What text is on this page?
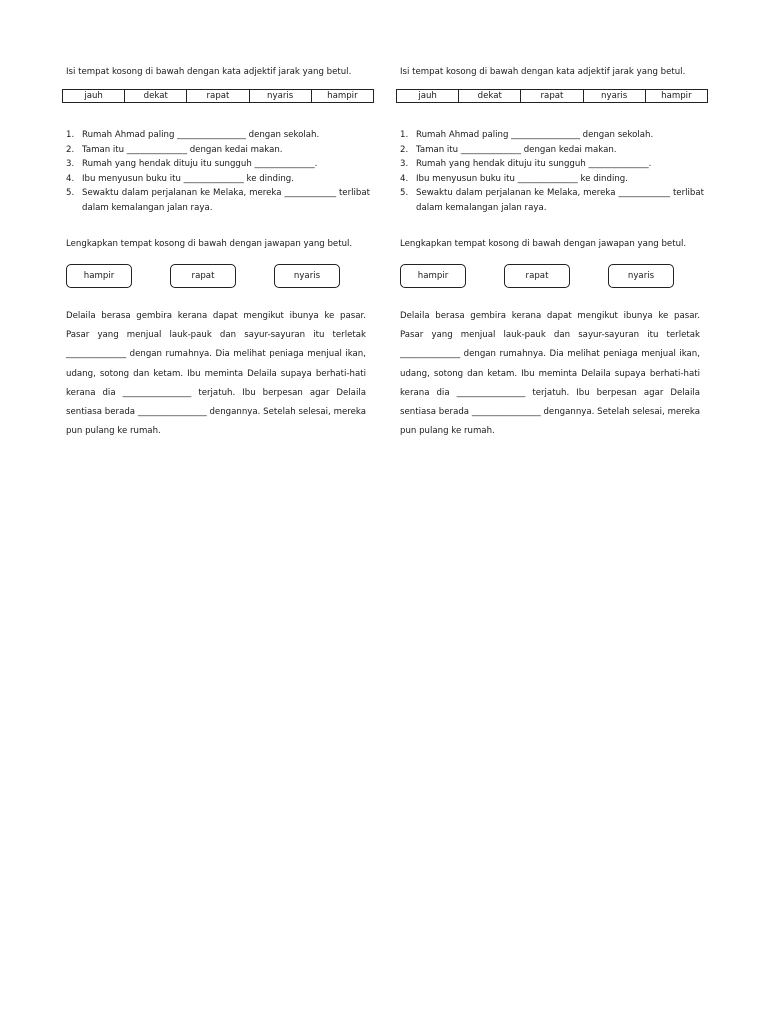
Isi tempat kosong di bawah dengan kata adjektif jarak yang betul.
jauh	dekat	rapat	nyaris	hampir
1. Rumah Ahmad paling ________________ dengan sekolah.
2. Taman itu ______________ dengan kedai makan.
3. Rumah yang hendak dituju itu sungguh ______________.
4. Ibu menyusun buku itu ______________ ke dinding.
5. Sewaktu dalam perjalanan ke Melaka, mereka ____________ terlibat dalam kemalangan jalan raya.
Lengkapkan tempat kosong di bawah dengan jawapan yang betul.
hampir	rapat	nyaris

Delaila berasa gembira kerana dapat mengikut ibunya ke pasar. Pasar yang menjual lauk-pauk dan sayur-sayuran itu terletak ______________ dengan rumahnya. Dia melihat peniaga menjual ikan, udang, sotong dan ketam. Ibu meminta Delaila supaya berhati-hati kerana dia ________________ terjatuh. Ibu berpesan agar Delaila sentiasa berada ________________ dengannya. Setelah selesai, mereka pun pulang ke rumah.

Isi tempat kosong di bawah dengan kata adjektif jarak yang betul.
jauh	dekat	rapat	nyaris	hampir
1. Rumah Ahmad paling ________________ dengan sekolah.
2. Taman itu ______________ dengan kedai makan.
3. Rumah yang hendak dituju itu sungguh ______________.
4. Ibu menyusun buku itu ______________ ke dinding.
5. Sewaktu dalam perjalanan ke Melaka, mereka ____________ terlibat dalam kemalangan jalan raya.
Lengkapkan tempat kosong di bawah dengan jawapan yang betul.
hampir	rapat	nyaris

Delaila berasa gembira kerana dapat mengikut ibunya ke pasar. Pasar yang menjual lauk-pauk dan sayur-sayuran itu terletak ______________ dengan rumahnya. Dia melihat peniaga menjual ikan, udang, sotong dan ketam. Ibu meminta Delaila supaya berhati-hati kerana dia ________________ terjatuh. Ibu berpesan agar Delaila sentiasa berada ________________ dengannya. Setelah selesai, mereka pun pulang ke rumah.
